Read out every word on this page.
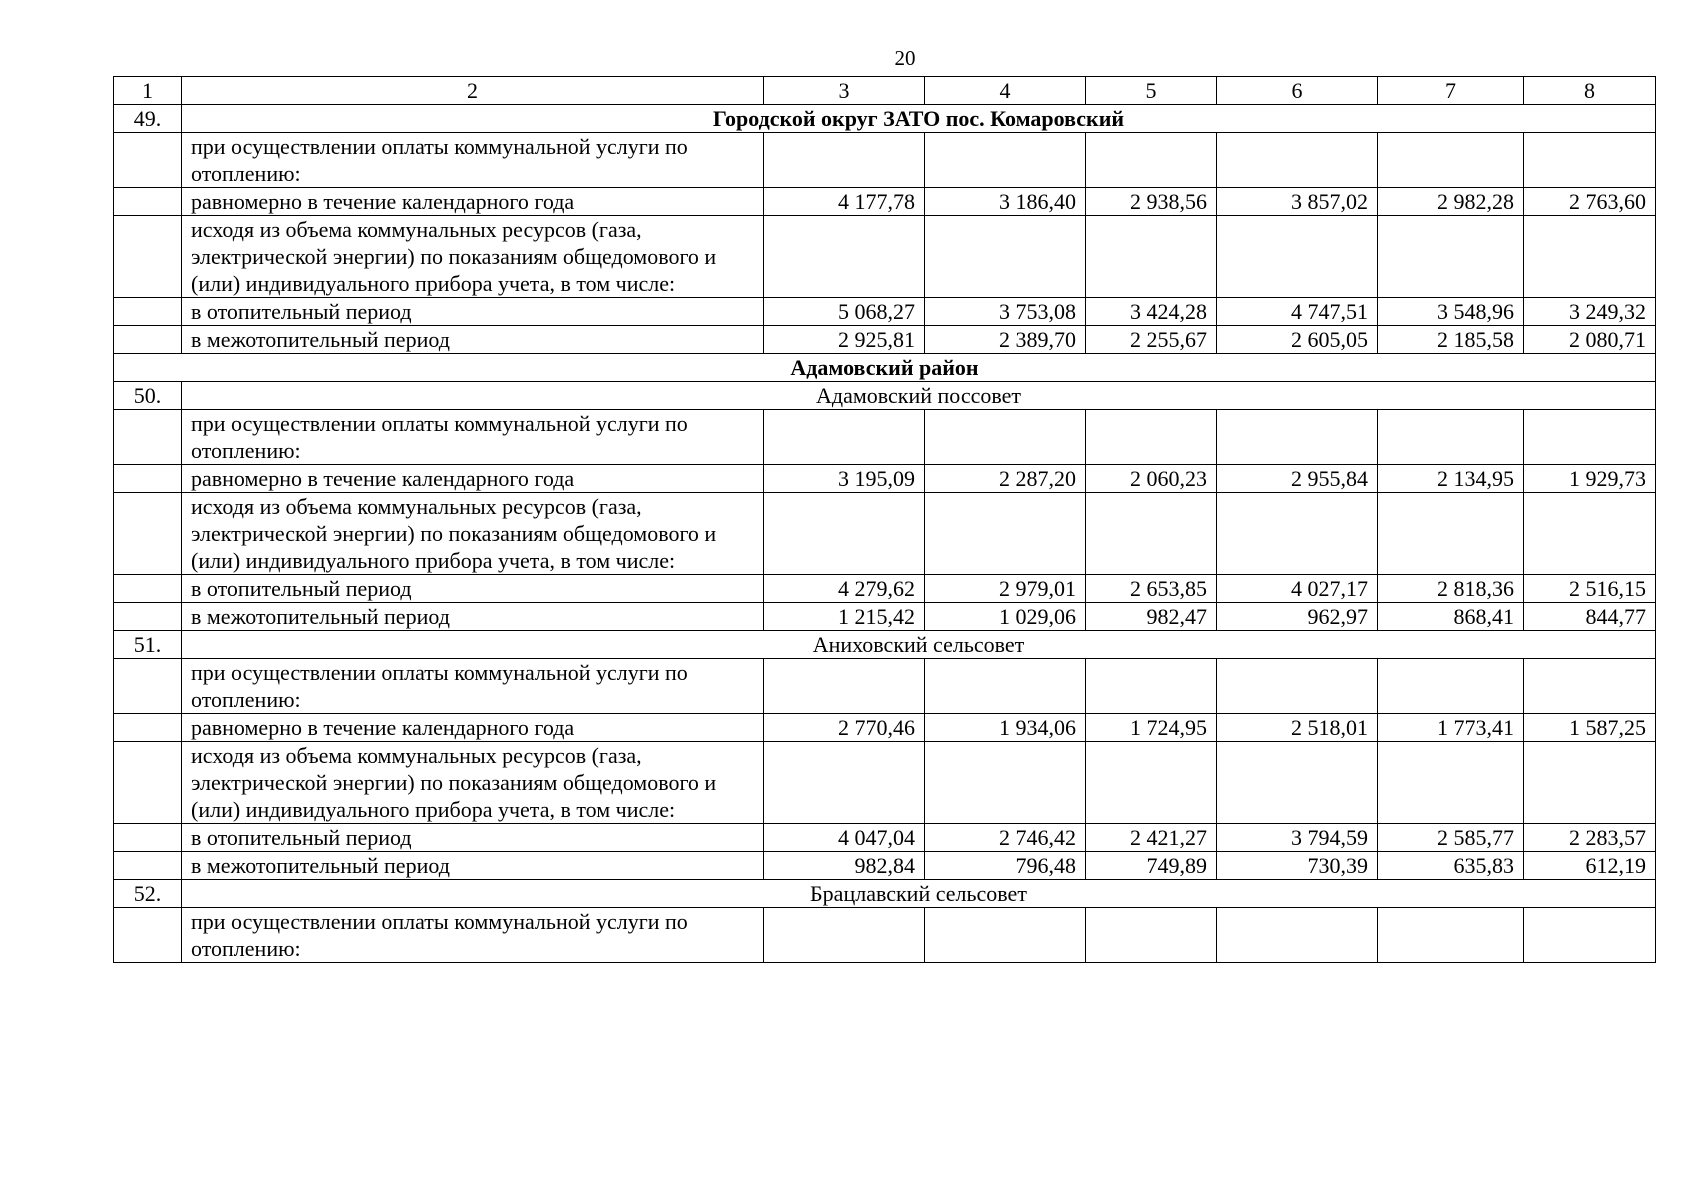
20
1	2	3	4	5	6	7	8
49.	Городской округ ЗАТО пос. Комаровский						
	при осуществлении оплаты коммунальной услуги по отоплению:						
	равномерно в течение календарного года	4 177,78	3 186,40	2 938,56	3 857,02	2 982,28	2 763,60
	исходя из объема коммунальных ресурсов (газа, электрической энергии) по показаниям общедомового и (или) индивидуального прибора учета, в том числе:						
	в отопительный период	5 068,27	3 753,08	3 424,28	4 747,51	3 548,96	3 249,32
	в межотопительный период	2 925,81	2 389,70	2 255,67	2 605,05	2 185,58	2 080,71
Адамовский район							
50.	Адамовский поссовет						
	при осуществлении оплаты коммунальной услуги по отоплению:						
	равномерно в течение календарного года	3 195,09	2 287,20	2 060,23	2 955,84	2 134,95	1 929,73
	исходя из объема коммунальных ресурсов (газа, электрической энергии) по показаниям общедомового и (или) индивидуального прибора учета, в том числе:						
	в отопительный период	4 279,62	2 979,01	2 653,85	4 027,17	2 818,36	2 516,15
	в межотопительный период	1 215,42	1 029,06	982,47	962,97	868,41	844,77
51.	Аниховский сельсовет						
	при осуществлении оплаты коммунальной услуги по отоплению:						
	равномерно в течение календарного года	2 770,46	1 934,06	1 724,95	2 518,01	1 773,41	1 587,25
	исходя из объема коммунальных ресурсов (газа, электрической энергии) по показаниям общедомового и (или) индивидуального прибора учета, в том числе:						
	в отопительный период	4 047,04	2 746,42	2 421,27	3 794,59	2 585,77	2 283,57
	в межотопительный период	982,84	796,48	749,89	730,39	635,83	612,19
52.	Брацлавский сельсовет						
	при осуществлении оплаты коммунальной услуги по отоплению:						
